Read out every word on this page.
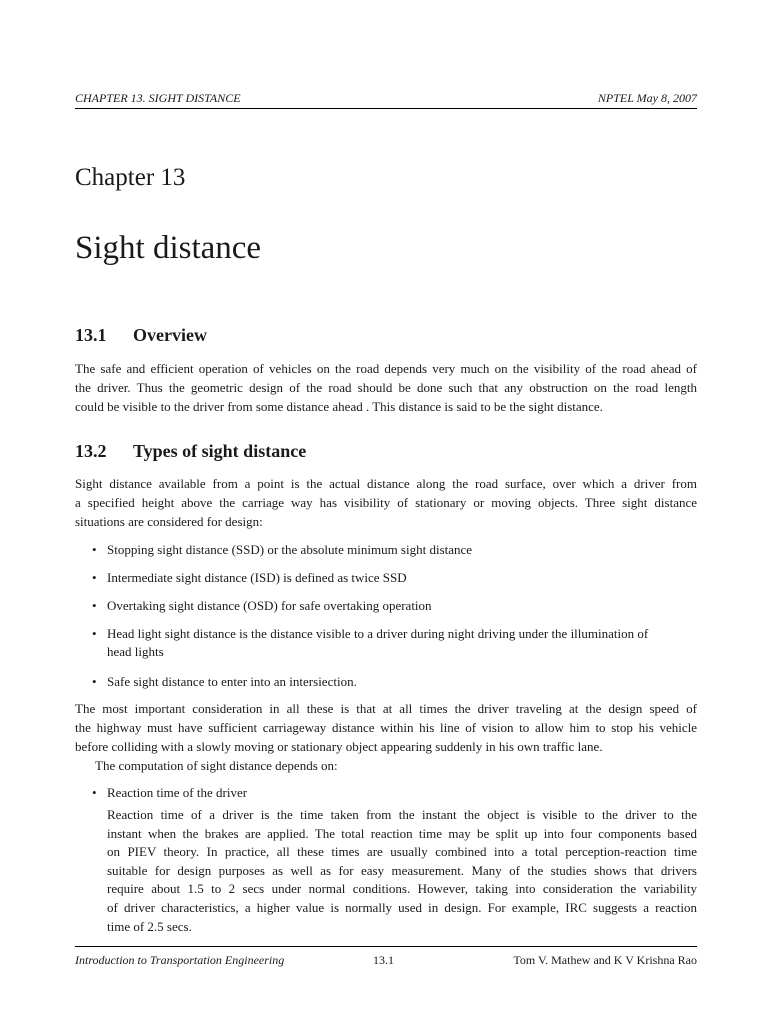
CHAPTER 13. SIGHT DISTANCE	NPTEL May 8, 2007
Chapter 13
Sight distance
13.1 Overview
The safe and efficient operation of vehicles on the road depends very much on the visibility of the road ahead of
the driver. Thus the geometric design of the road should be done such that any obstruction on the road length
could be visible to the driver from some distance ahead . This distance is said to be the sight distance.
13.2 Types of sight distance
Sight distance available from a point is the actual distance along the road surface, over which a driver from
a specified height above the carriage way has visibility of stationary or moving objects. Three sight distance
situations are considered for design:
• Stopping sight distance (SSD) or the absolute minimum sight distance
• Intermediate sight distance (ISD) is defined as twice SSD
• Overtaking sight distance (OSD) for safe overtaking operation
• Head light sight distance is the distance visible to a driver during night driving under the illumination of
head lights
• Safe sight distance to enter into an intersiection.
The most important consideration in all these is that at all times the driver traveling at the design speed of
the highway must have sufficient carriageway distance within his line of vision to allow him to stop his vehicle
before colliding with a slowly moving or stationary object appearing suddenly in his own traffic lane.
The computation of sight distance depends on:
• Reaction time of the driver
Reaction time of a driver is the time taken from the instant the object is visible to the driver to the
instant when the brakes are applied. The total reaction time may be split up into four components based
on PIEV theory. In practice, all these times are usually combined into a total perception-reaction time
suitable for design purposes as well as for easy measurement. Many of the studies shows that drivers
require about 1.5 to 2 secs under normal conditions. However, taking into consideration the variability
of driver characteristics, a higher value is normally used in design. For example, IRC suggests a reaction
time of 2.5 secs.
Introduction to Transportation Engineering	13.1	Tom V. Mathew and K V Krishna Rao
